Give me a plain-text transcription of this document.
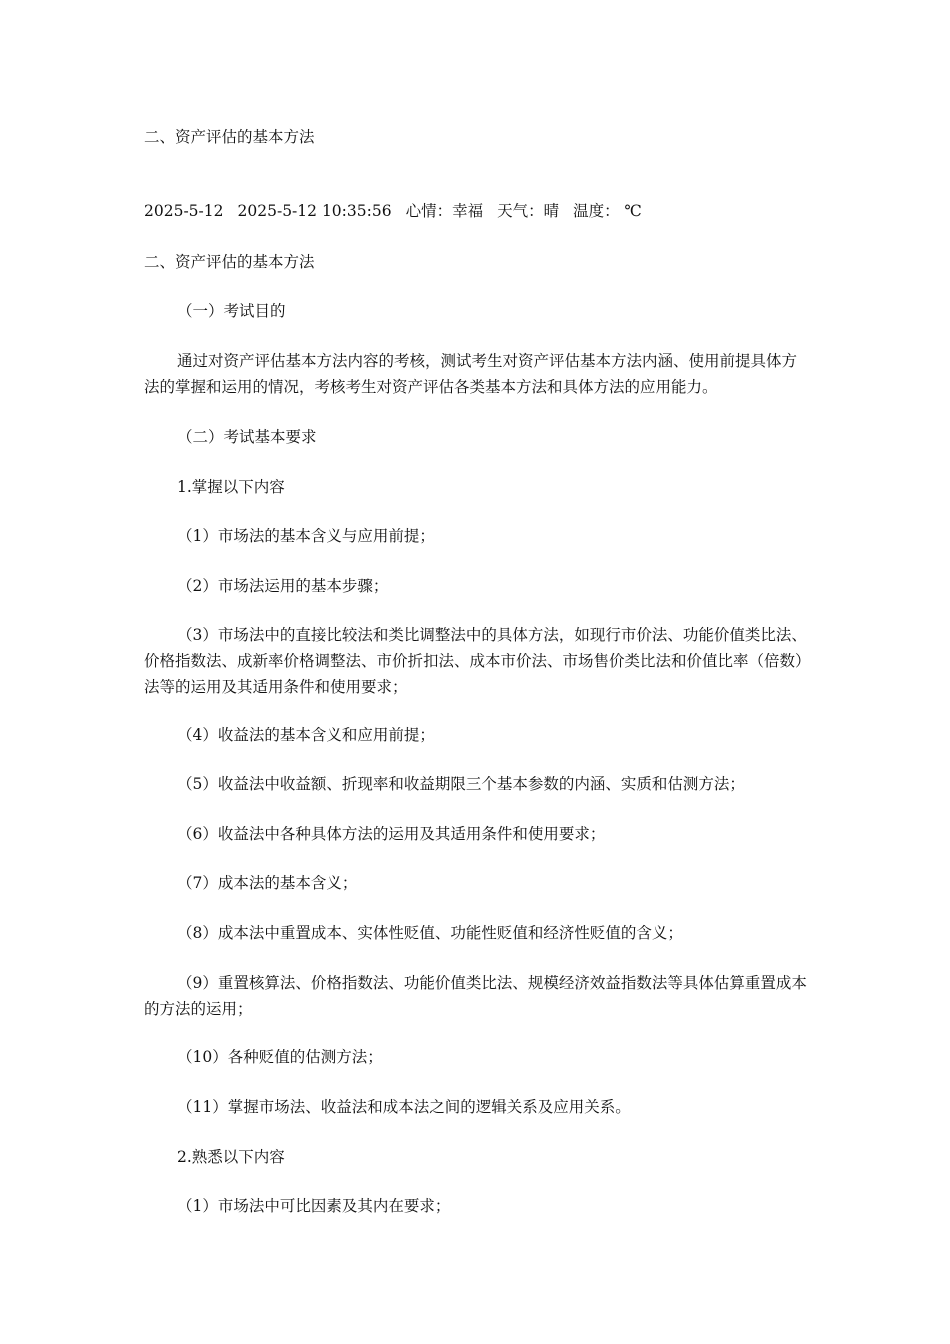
二、资产评估的基本方法

2025-5-12 2025-5-12 10:35:56 心情：幸福 天气：晴 温度： ℃

二、资产评估的基本方法

（一）考试目的

通过对资产评估基本方法内容的考核，测试考生对资产评估基本方法内涵、使用前提具体方法的掌握和运用的情况，考核考生对资产评估各类基本方法和具体方法的应用能力。

（二）考试基本要求

1.掌握以下内容

（1）市场法的基本含义与应用前提；

（2）市场法运用的基本步骤；

（3）市场法中的直接比较法和类比调整法中的具体方法，如现行市价法、功能价值类比法、价格指数法、成新率价格调整法、市价折扣法、成本市价法、市场售价类比法和价值比率（倍数）法等的运用及其适用条件和使用要求；

（4）收益法的基本含义和应用前提；

（5）收益法中收益额、折现率和收益期限三个基本参数的内涵、实质和估测方法；

（6）收益法中各种具体方法的运用及其适用条件和使用要求；

（7）成本法的基本含义；

（8）成本法中重置成本、实体性贬值、功能性贬值和经济性贬值的含义；

（9）重置核算法、价格指数法、功能价值类比法、规模经济效益指数法等具体估算重置成本的方法的运用；

（10）各种贬值的估测方法；

（11）掌握市场法、收益法和成本法之间的逻辑关系及应用关系。

2.熟悉以下内容

（1）市场法中可比因素及其内在要求；
